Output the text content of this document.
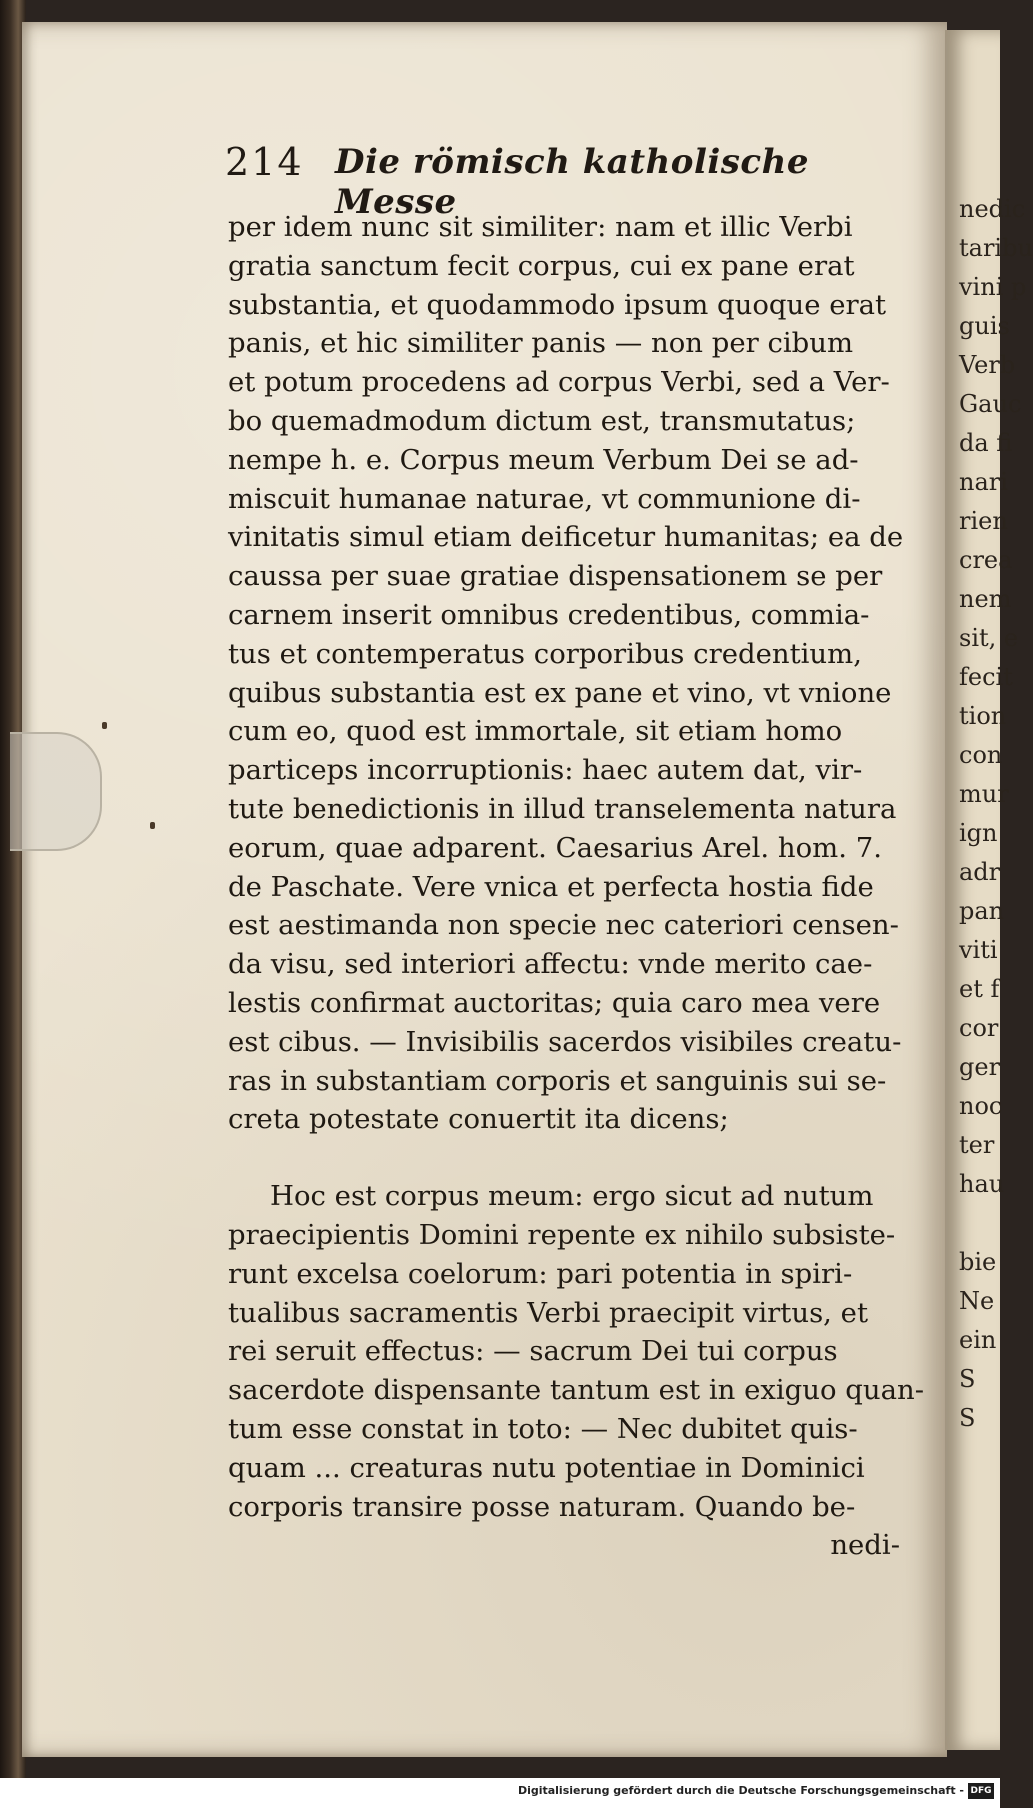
nedic
taribu
vini p
guis
Verb
Gauc
da fi
nari
rien
crea
nem
sit, e
fecit
tion
con
mur
ign
adr
pan
viti
et f
cor
ger
noc
ter
hau
bie
Ne
ein
S
S
214 Die römisch katholische Messe
per idem nunc sit similiter: nam et illic Verbi
gratia sanctum fecit corpus, cui ex pane erat
substantia, et quodammodo ipsum quoque erat
panis, et hic similiter panis — non per cibum
et potum procedens ad corpus Verbi, sed a Ver-
bo quemadmodum dictum est, transmutatus;
nempe h. e. Corpus meum Verbum Dei se ad-
miscuit humanae naturae, vt communione di-
vinitatis simul etiam deificetur humanitas; ea de
caussa per suae gratiae dispensationem se per
carnem inserit omnibus credentibus, commia-
tus et contemperatus corporibus credentium,
quibus substantia est ex pane et vino, vt vnione
cum eo, quod est immortale, sit etiam homo
particeps incorruptionis: haec autem dat, vir-
tute benedictionis in illud transelementa natura
eorum, quae adparent. Caesarius Arel. hom. 7.
de Paschate. Vere vnica et perfecta hostia fide
est aestimanda non specie nec cateriori censen-
da visu, sed interiori affectu: vnde merito cae-
lestis confirmat auctoritas; quia caro mea vere
est cibus. — Invisibilis sacerdos visibiles creatu-
ras in substantiam corporis et sanguinis sui se-
creta potestate conuertit ita dicens;
Hoc est corpus meum: ergo sicut ad nutum
praecipientis Domini repente ex nihilo subsiste-
runt excelsa coelorum: pari potentia in spiri-
tualibus sacramentis Verbi praecipit virtus, et
rei seruit effectus: — sacrum Dei tui corpus
sacerdote dispensante tantum est in exiguo quan-
tum esse constat in toto: — Nec dubitet quis-
quam ... creaturas nutu potentiae in Dominici
corporis transire posse naturam. Quando be-
nedi-
Digitalisierung gefördert durch die Deutsche Forschungsgemeinschaft - DFG
